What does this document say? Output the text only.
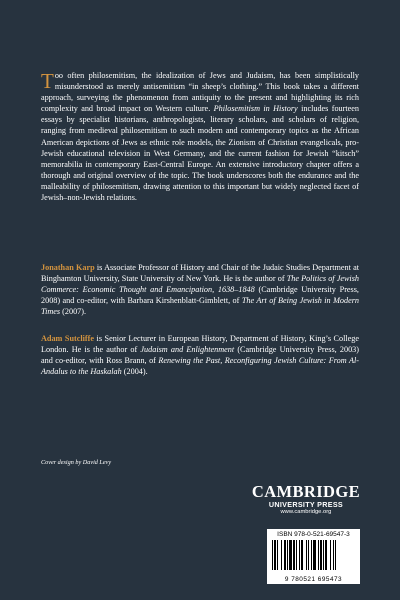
Too often philosemitism, the idealization of Jews and Judaism, has been simplistically misunderstood as merely antisemitism “in sheep’s clothing.” This book takes a different approach, surveying the phenomenon from antiquity to the present and highlighting its rich complexity and broad impact on Western culture. Philosemitism in History includes fourteen essays by specialist historians, anthropologists, literary scholars, and scholars of religion, ranging from medieval philosemitism to such modern and contemporary topics as the African American depictions of Jews as ethnic role models, the Zionism of Christian evangelicals, pro-Jewish educational television in West Germany, and the current fashion for Jewish “kitsch” memorabilia in contemporary East-Central Europe. An extensive introductory chapter offers a thorough and original overview of the topic. The book underscores both the endurance and the malleability of philosemitism, drawing attention to this important but widely neglected facet of Jewish–non-Jewish relations.
Jonathan Karp is Associate Professor of History and Chair of the Judaic Studies Department at Binghamton University, State University of New York. He is the author of The Politics of Jewish Commerce: Economic Thought and Emancipation, 1638–1848 (Cambridge University Press, 2008) and co-editor, with Barbara Kirshenblatt-Gimblett, of The Art of Being Jewish in Modern Times (2007).
Adam Sutcliffe is Senior Lecturer in European History, Department of History, King’s College London. He is the author of Judaism and Enlightenment (Cambridge University Press, 2003) and co-editor, with Ross Brann, of Renewing the Past, Reconfiguring Jewish Culture: From Al-Andalus to the Haskalah (2004).
Cover design by David Levy
CAMBRIDGE
UNIVERSITY PRESS
www.cambridge.org
ISBN 978-0-521-69547-3
9 780521 695473
